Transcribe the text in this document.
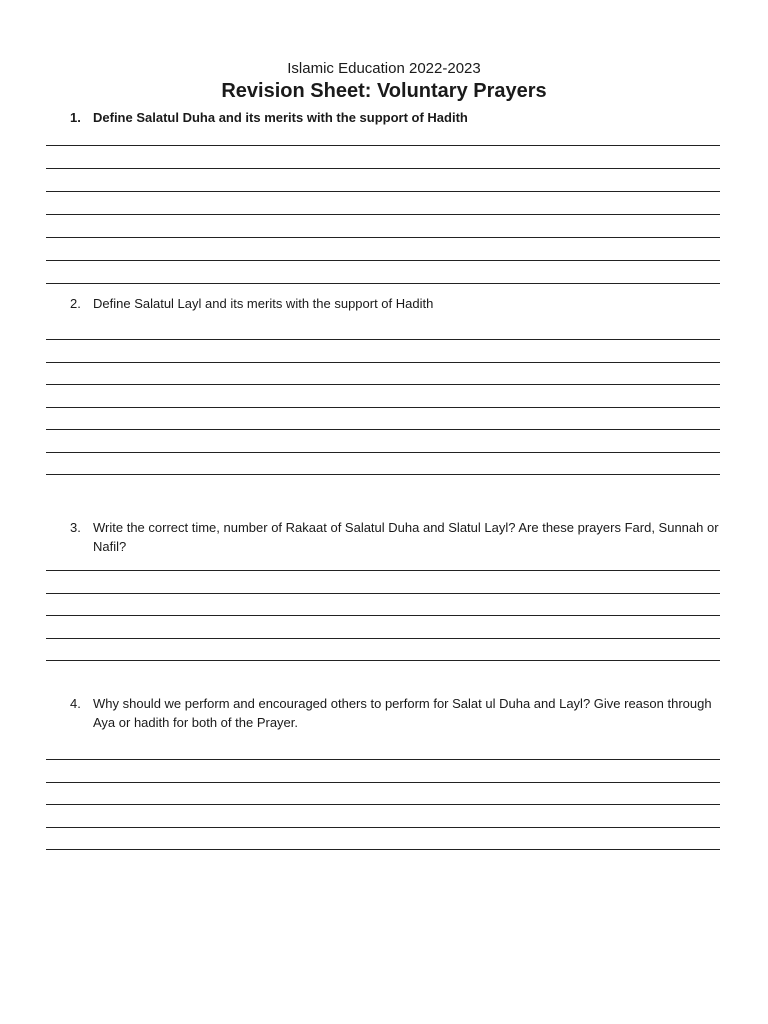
Islamic Education 2022-2023
Revision Sheet: Voluntary Prayers
1. Define Salatul Duha and its merits with the support of Hadith
2. Define Salatul Layl and its merits with the support of Hadith
3. Write the correct time, number of Rakaat of Salatul Duha and Slatul Layl? Are these prayers Fard, Sunnah or Nafil?
4. Why should we perform and encouraged others to perform for Salat ul Duha and Layl? Give reason through Aya or hadith for both of the Prayer.
